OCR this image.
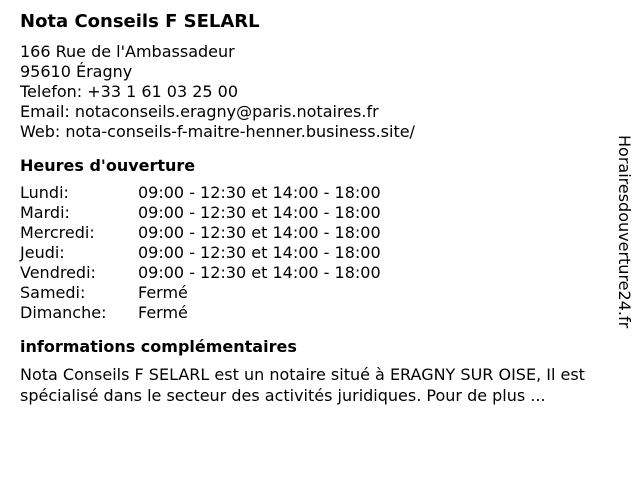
Nota Conseils F SELARL
166 Rue de l'Ambassadeur
95610 Éragny
Telefon: +33 1 61 03 25 00
Email: notaconseils.eragny@paris.notaires.fr
Web: nota-conseils-f-maitre-henner.business.site/
Heures d'ouverture
Lundi:	09:00 - 12:30 et 14:00 - 18:00
Mardi:	09:00 - 12:30 et 14:00 - 18:00
Mercredi:	09:00 - 12:30 et 14:00 - 18:00
Jeudi:	09:00 - 12:30 et 14:00 - 18:00
Vendredi:	09:00 - 12:30 et 14:00 - 18:00
Samedi:	Fermé
Dimanche:	Fermé
informations complémentaires
Nota Conseils F SELARL est un notaire situé à ERAGNY SUR OISE, Il est spécialisé dans le secteur des activités juridiques. Pour de plus ...
Horairesdouverture24.fr
